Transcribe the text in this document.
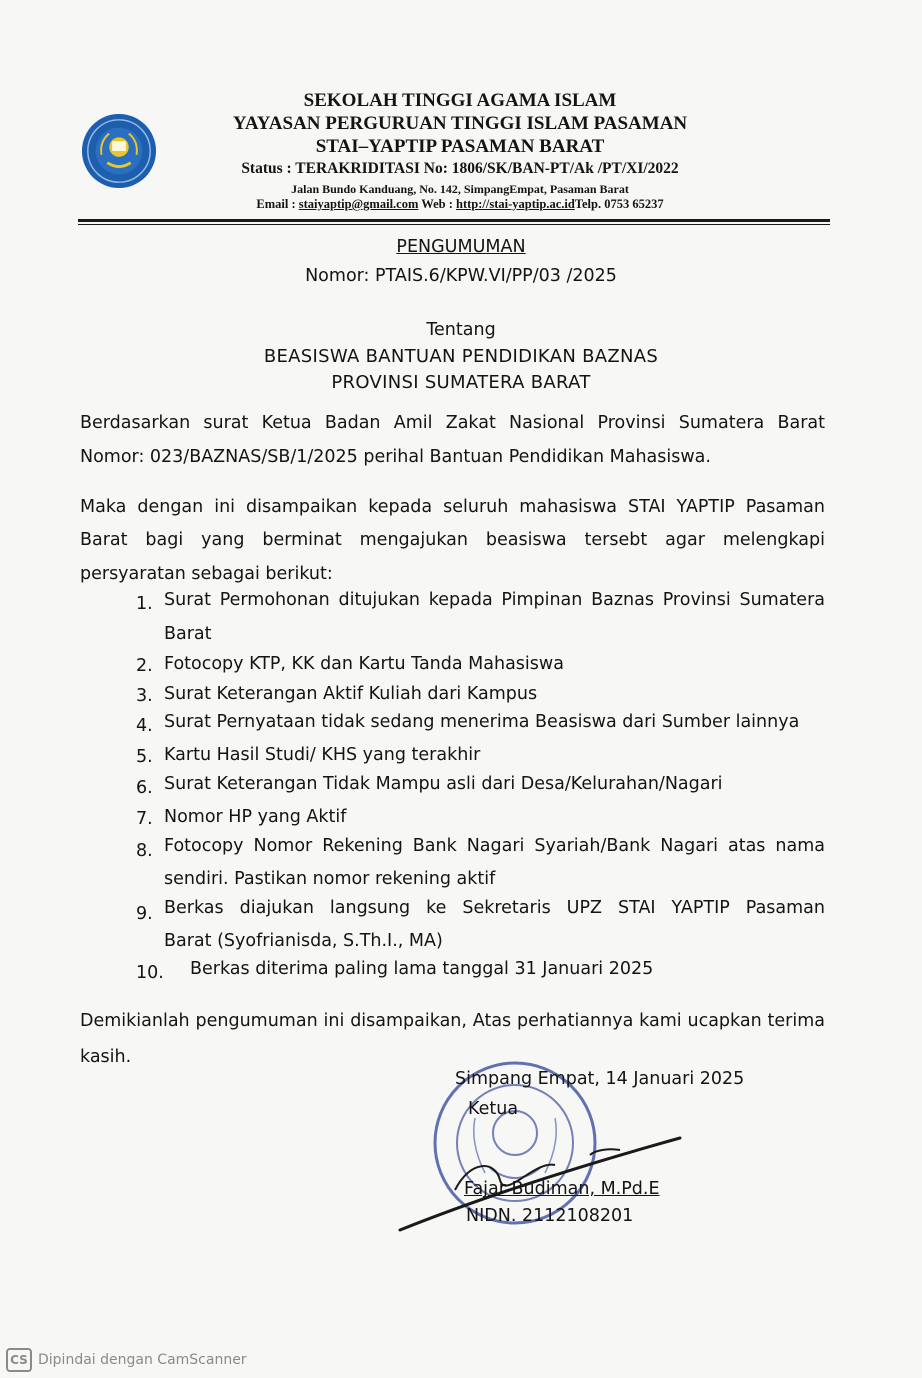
SEKOLAH TINGGI AGAMA ISLAM
YAYASAN PERGURUAN TINGGI ISLAM PASAMAN
STAI–YAPTIP PASAMAN BARAT
Status : TERAKRIDITASI No: 1806/SK/BAN-PT/Ak /PT/XI/2022
Jalan Bundo Kanduang, No. 142, SimpangEmpat, Pasaman Barat
Email : staiyaptip@gmail.com Web : http://stai-yaptip.ac.idTelp. 0753 65237
PENGUMUMAN
Nomor: PTAIS.6/KPW.VI/PP/03 /2025
Tentang
BEASISWA BANTUAN PENDIDIKAN BAZNAS
PROVINSI SUMATERA BARAT
Berdasarkan surat Ketua Badan Amil Zakat Nasional Provinsi Sumatera Barat
Nomor: 023/BAZNAS/SB/1/2025 perihal Bantuan Pendidikan Mahasiswa.
Maka dengan ini disampaikan kepada seluruh mahasiswa STAI YAPTIP Pasaman
Barat bagi yang berminat mengajukan beasiswa tersebt agar melengkapi
persyaratan sebagai berikut:
1. Surat Permohonan ditujukan kepada Pimpinan Baznas Provinsi Sumatera
Barat
2. Fotocopy KTP, KK dan Kartu Tanda Mahasiswa
3. Surat Keterangan Aktif Kuliah dari Kampus
4. Surat Pernyataan tidak sedang menerima Beasiswa dari Sumber lainnya
5. Kartu Hasil Studi/ KHS yang terakhir
6. Surat Keterangan Tidak Mampu asli dari Desa/Kelurahan/Nagari
7. Nomor HP yang Aktif
8. Fotocopy Nomor Rekening Bank Nagari Syariah/Bank Nagari atas nama
sendiri. Pastikan nomor rekening aktif
9. Berkas diajukan langsung ke Sekretaris UPZ STAI YAPTIP Pasaman
Barat (Syofrianisda, S.Th.I., MA)
10. Berkas diterima paling lama tanggal 31 Januari 2025
Demikianlah pengumuman ini disampaikan, Atas perhatiannya kami ucapkan terima
kasih.
Simpang Empat, 14 Januari 2025
Ketua
Fajar Budiman, M.Pd.E
NIDN. 2112108201
CS Dipindai dengan CamScanner
